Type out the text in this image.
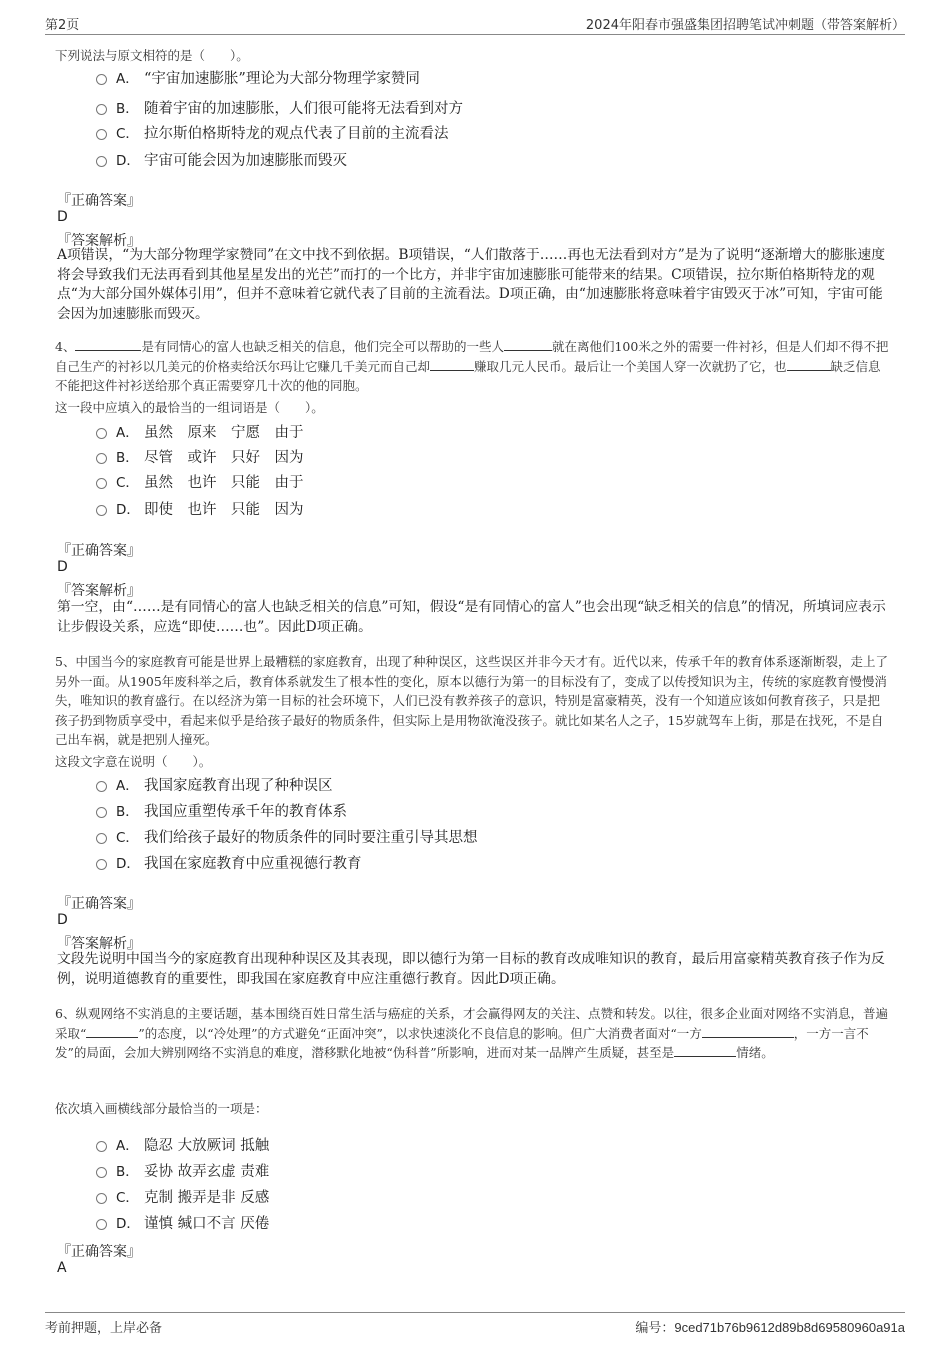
第2页	2024年阳春市强盛集团招聘笔试冲刺题（带答案解析）
下列说法与原文相符的是（　　）。
A． “宇宙加速膨胀”理论为大部分物理学家赞同
B． 随着宇宙的加速膨胀，人们很可能将无法看到对方
C． 拉尔斯伯格斯特龙的观点代表了目前的主流看法
D． 宇宙可能会因为加速膨胀而毁灭
『正确答案』
D
『答案解析』
A项错误，“为大部分物理学家赞同”在文中找不到依据。B项错误，“人们散落于……再也无法看到对方”是为了说明“逐渐增大的膨胀速度将会导致我们无法再看到其他星星发出的光芒”而打的一个比方，并非宇宙加速膨胀可能带来的结果。C项错误，拉尔斯伯格斯特龙的观点“为大部分国外媒体引用”，但并不意味着它就代表了目前的主流看法。D项正确，由“加速膨胀将意味着宇宙毁灭于冰”可知，宇宙可能会因为加速膨胀而毁灭。
4、	是有同情心的富人也缺乏相关的信息，他们完全可以帮助的一些人	就在离他们100米之外的需要一件衬衫，但是人们却不得不把自己生产的衬衫以几美元的价格卖给沃尔玛让它赚几千美元而自己却	赚取几元人民币。最后让一个美国人穿一次就扔了它，也	缺乏信息不能把这件衬衫送给那个真正需要穿几十次的他的同胞。
这一段中应填入的最恰当的一组词语是（　　）。
A． 虽然　原来　宁愿　由于
B． 尽管　或许　只好　因为
C． 虽然　也许　只能　由于
D． 即使　也许　只能　因为
『正确答案』
D
『答案解析』
第一空，由“……是有同情心的富人也缺乏相关的信息”可知，假设“是有同情心的富人”也会出现“缺乏相关的信息”的情况，所填词应表示让步假设关系，应选“即使……也”。因此D项正确。
5、中国当今的家庭教育可能是世界上最糟糕的家庭教育，出现了种种误区，这些误区并非今天才有。近代以来，传承千年的教育体系逐渐断裂，走上了另外一面。从1905年废科举之后，教育体系就发生了根本性的变化，原本以德行为第一的目标没有了，变成了以传授知识为主，传统的家庭教育慢慢消失，唯知识的教育盛行。在以经济为第一目标的社会环境下，人们已没有教养孩子的意识，特别是富豪精英，没有一个知道应该如何教育孩子，只是把孩子扔到物质享受中，看起来似乎是给孩子最好的物质条件，但实际上是用物欲淹没孩子。就比如某名人之子，15岁就驾车上街，那是在找死，不是自己出车祸，就是把别人撞死。
这段文字意在说明（　　）。
A． 我国家庭教育出现了种种误区
B． 我国应重塑传承千年的教育体系
C． 我们给孩子最好的物质条件的同时要注重引导其思想
D． 我国在家庭教育中应重视德行教育
『正确答案』
D
『答案解析』
文段先说明中国当今的家庭教育出现种种误区及其表现，即以德行为第一目标的教育改成唯知识的教育，最后用富豪精英教育孩子作为反例，说明道德教育的重要性，即我国在家庭教育中应注重德行教育。因此D项正确。
6、纵观网络不实消息的主要话题，基本围绕百姓日常生活与癌症的关系，才会赢得网友的关注、点赞和转发。以往，很多企业面对网络不实消息，普遍采取“	”的态度，以“冷处理”的方式避免“正面冲突”，以求快速淡化不良信息的影响。但广大消费者面对“一方	，一方一言不发”的局面，会加大辨别网络不实消息的难度，潜移默化地被“伪科普”所影响，进而对某一品牌产生质疑，甚至是	情绪。
依次填入画横线部分最恰当的一项是：
A． 隐忍 大放厥词 抵触
B． 妥协 故弄玄虚 责难
C． 克制 搬弄是非 反感
D． 谨慎 缄口不言 厌倦
『正确答案』
A
考前押题，上岸必备	编号：9ced71b76b9612d89b8d69580960a91a
